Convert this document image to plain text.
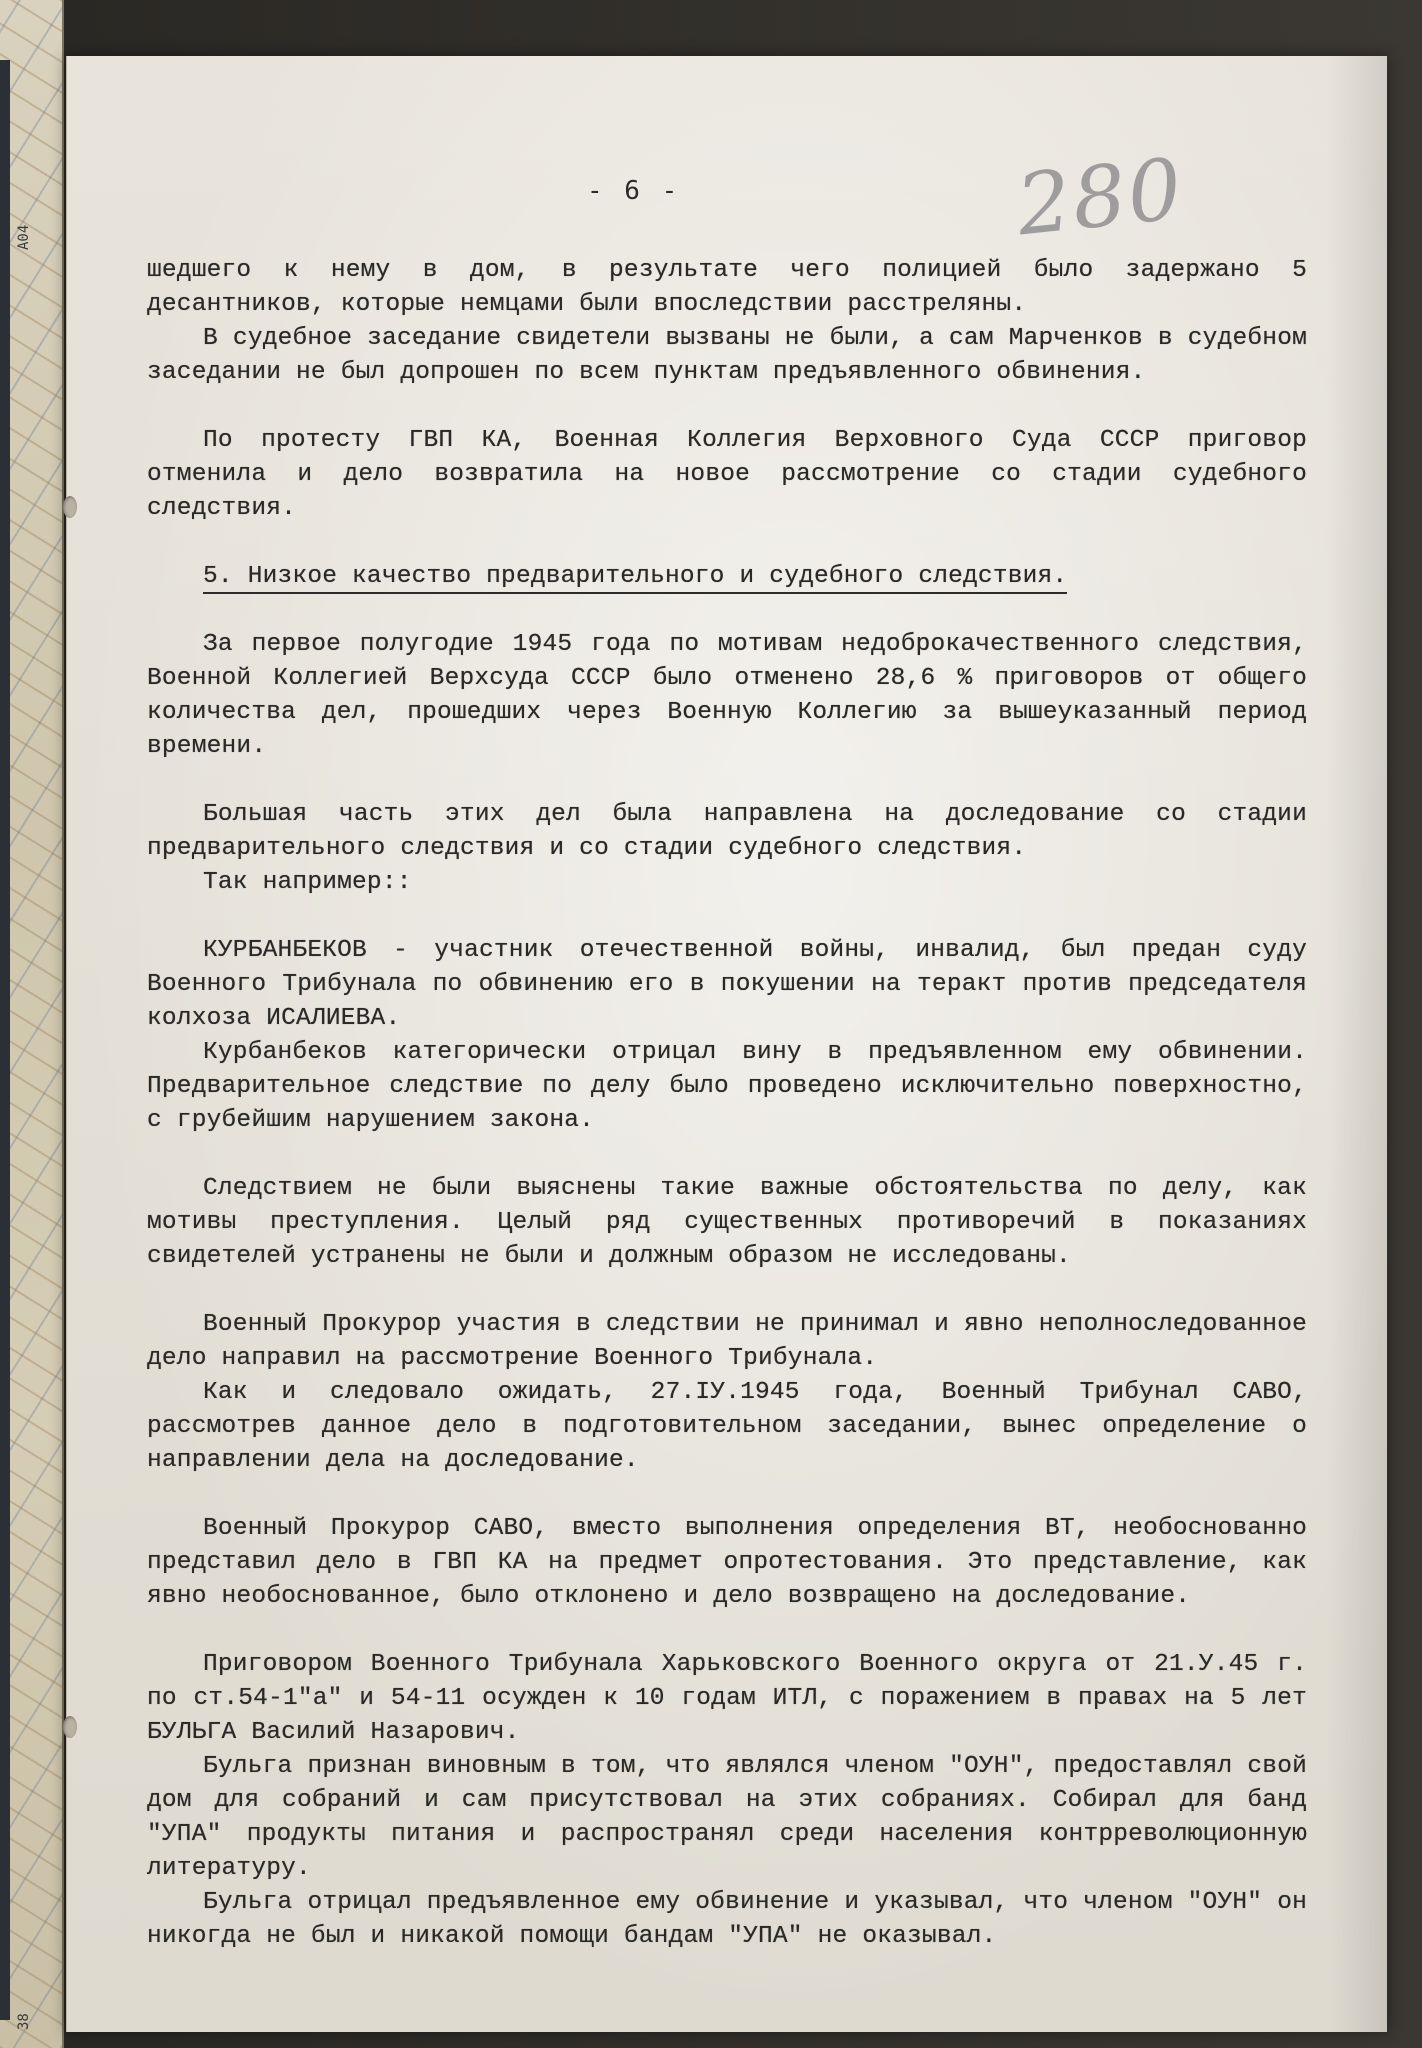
A04
38
- 6 -	280

шедшего к нему в дом, в результате чего полицией было задержано 5 десантников, которые немцами были впоследствии расстреляны.

В судебное заседание свидетели вызваны не были, а сам Марченков в судебном заседании не был допрошен по всем пунктам предъявленного обвинения.

По протесту ГВП КА, Военная Коллегия Верховного Суда СССР приговор отменила и дело возвратила на новое рассмотрение со стадии судебного следствия.

5. Низкое качество предварительного и судебного следствия.

За первое полугодие 1945 года по мотивам недоброкачественного следствия, Военной Коллегией Верхсуда СССР было отменено 28,6 % приговоров от общего количества дел, прошедших через Военную Коллегию за вышеуказанный период времени.

Большая часть этих дел была направлена на доследование со стадии предварительного следствия и со стадии судебного следствия.

Так например::

КУРБАНБЕКОВ - участник отечественной войны, инвалид, был предан суду Военного Трибунала по обвинению его в покушении на теракт против председателя колхоза ИСАЛИЕВА.

Курбанбеков категорически отрицал вину в предъявленном ему обвинении. Предварительное следствие по делу было проведено исключительно поверхностно, с грубейшим нарушением закона.

Следствием не были выяснены такие важные обстоятельства по делу, как мотивы преступления. Целый ряд существенных противоречий в показаниях свидетелей устранены не были и должным образом не исследованы.

Военный Прокурор участия в следствии не принимал и явно неполноследованное дело направил на рассмотрение Военного Трибунала.

Как и следовало ожидать, 27.IУ.1945 года, Военный Трибунал САВО, рассмотрев данное дело в подготовительном заседании, вынес определение о направлении дела на доследование.

Военный Прокурор САВО, вместо выполнения определения ВТ, необоснованно представил дело в ГВП КА на предмет опротестования. Это представление, как явно необоснованное, было отклонено и дело возвращено на доследование.

Приговором Военного Трибунала Харьковского Военного округа от 21.У.45 г. по ст.54-1"а" и 54-11 осужден к 10 годам ИТЛ, с поражением в правах на 5 лет БУЛЬГА Василий Назарович.

Бульга признан виновным в том, что являлся членом "ОУН", предоставлял свой дом для собраний и сам присутствовал на этих собраниях. Собирал для банд "УПА" продукты питания и распространял среди населения контрреволюционную литературу.

Бульга отрицал предъявленное ему обвинение и указывал, что членом "ОУН" он никогда не был и никакой помощи бандам "УПА" не оказывал.
